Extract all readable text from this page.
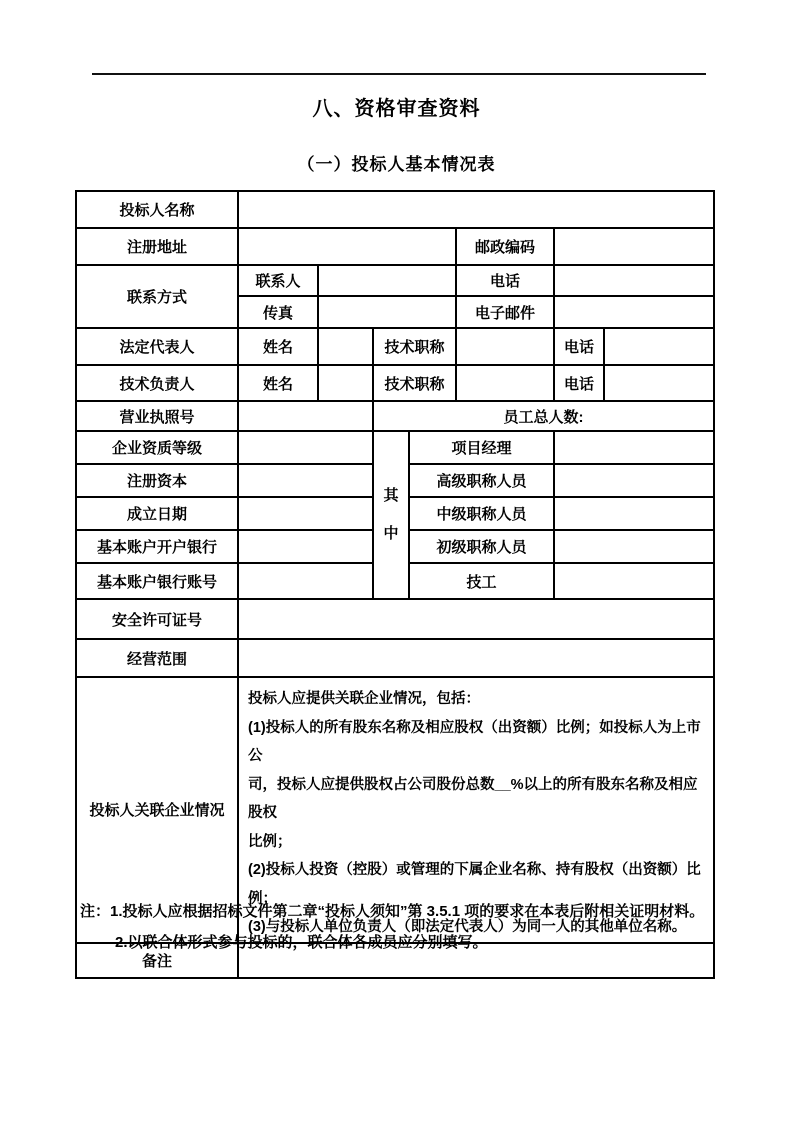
八、资格审查资料
（一）投标人基本情况表
投标人名称							
注册地址					邮政编码		
联系方式	联系人				电话		
	传真				电子邮件		
法定代表人	姓名		技术职称			电话	
技术负责人	姓名		技术职称			电话	
营业执照号			员工总人数:				
企业资质等级			其中	项目经理			
注册资本				高级职称人员			
成立日期				中级职称人员			
基本账户开户银行				初级职称人员			
基本账户银行账号				技工			
安全许可证号							
经营范围							
投标人关联企业情况	
投标人应提供关联企业情况，包括：
(1)投标人的所有股东名称及相应股权（出资额）比例；如投标人为上市公
司，投标人应提供股权占公司股份总数__%以上的所有股东名称及相应股权
比例；
(2)投标人投资（控股）或管理的下属企业名称、持有股权（出资额）比例；
(3)与投标人单位负责人（即法定代表人）为同一人的其他单位名称。

备注							
注：1.投标人应根据招标文件第二章“投标人须知”第 3.5.1 项的要求在本表后附相关证明材料。
2.以联合体形式参与投标的，联合体各成员应分别填写。
